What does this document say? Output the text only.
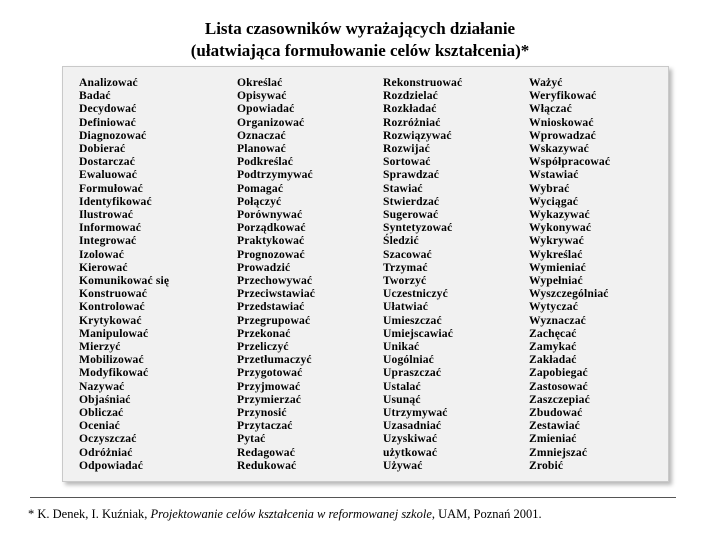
Lista czasowników wyrażających działanie
(ułatwiająca formułowanie celów kształcenia)*
Analizować
Badać
Decydować
Definiować
Diagnozować
Dobierać
Dostarczać
Ewaluować
Formułować
Identyfikować
Ilustrować
Informować
Integrować
Izolować
Kierować
Komunikować się
Konstruować
Kontrolować
Krytykować
Manipulować
Mierzyć
Mobilizować
Modyfikować
Nazywać
Objaśniać
Obliczać
Oceniać
Oczyszczać
Odróżniać
Odpowiadać
Określać
Opisywać
Opowiadać
Organizować
Oznaczać
Planować
Podkreślać
Podtrzymywać
Pomagać
Połączyć
Porównywać
Porządkować
Praktykować
Prognozować
Prowadzić
Przechowywać
Przeciwstawiać
Przedstawiać
Przegrupować
Przekonać
Przeliczyć
Przetłumaczyć
Przygotować
Przyjmować
Przymierzać
Przynosić
Przytaczać
Pytać
Redagować
Redukować
Rekonstruować
Rozdzielać
Rozkładać
Rozróżniać
Rozwiązywać
Rozwijać
Sortować
Sprawdzać
Stawiać
Stwierdzać
Sugerować
Syntetyzować
Śledzić
Szacować
Trzymać
Tworzyć
Uczestniczyć
Ułatwiać
Umieszczać
Umiejscawiać
Unikać
Uogólniać
Upraszczać
Ustalać
Usunąć
Utrzymywać
Uzasadniać
Uzyskiwać
użytkować
Używać
Ważyć
Weryfikować
Włączać
Wnioskować
Wprowadzać
Wskazywać
Współpracować
Wstawiać
Wybrać
Wyciągać
Wykazywać
Wykonywać
Wykrywać
Wykreślać
Wymieniać
Wypełniać
Wyszczególniać
Wytyczać
Wyznaczać
Zachęcać
Zamykać
Zakładać
Zapobiegać
Zastosować
Zaszczepiać
Zbudować
Zestawiać
Zmieniać
Zmniejszać
Zrobić
* K. Denek, I. Kuźniak, Projektowanie celów kształcenia w reformowanej szkole, UAM, Poznań 2001.
